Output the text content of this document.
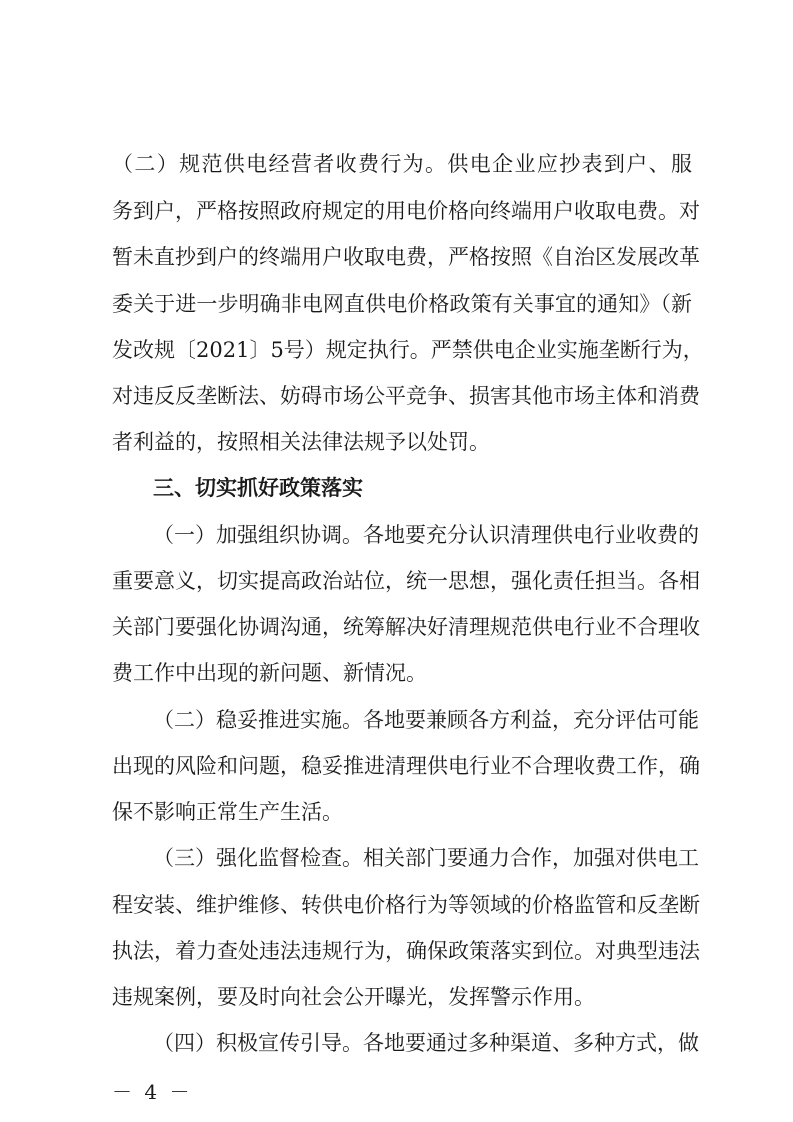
（二）规范供电经营者收费行为。供电企业应抄表到户、服
务到户，严格按照政府规定的用电价格向终端用户收取电费。对
暂未直抄到户的终端用户收取电费，严格按照《自治区发展改革
委关于进一步明确非电网直供电价格政策有关事宜的通知》（新
发改规〔2021〕5号）规定执行。严禁供电企业实施垄断行为，
对违反反垄断法、妨碍市场公平竞争、损害其他市场主体和消费
者利益的，按照相关法律法规予以处罚。
三、切实抓好政策落实
（一）加强组织协调。各地要充分认识清理供电行业收费的
重要意义，切实提高政治站位，统一思想，强化责任担当。各相
关部门要强化协调沟通，统筹解决好清理规范供电行业不合理收
费工作中出现的新问题、新情况。
（二）稳妥推进实施。各地要兼顾各方利益，充分评估可能
出现的风险和问题，稳妥推进清理供电行业不合理收费工作，确
保不影响正常生产生活。
（三）强化监督检查。相关部门要通力合作，加强对供电工
程安装、维护维修、转供电价格行为等领域的价格监管和反垄断
执法，着力查处违法违规行为，确保政策落实到位。对典型违法
违规案例，要及时向社会公开曝光，发挥警示作用。
（四）积极宣传引导。各地要通过多种渠道、多种方式，做
－ 4 －
